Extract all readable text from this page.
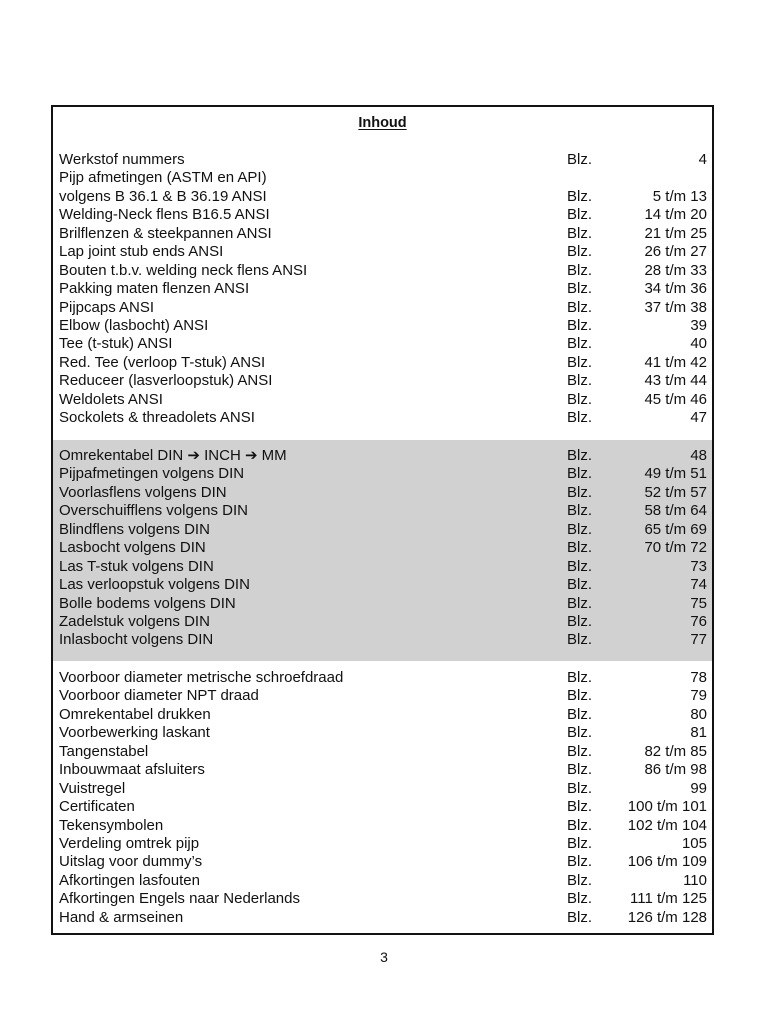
Inhoud
Werkstof nummers	Blz.	4
Pijp afmetingen (ASTM en API)
volgens B 36.1 & B 36.19 ANSI	Blz.	5 t/m 13
Welding-Neck flens B16.5 ANSI	Blz.	14 t/m 20
Brilflenzen & steekpannen ANSI	Blz.	21 t/m 25
Lap joint stub ends ANSI	Blz.	26 t/m 27
Bouten t.b.v. welding neck flens ANSI	Blz.	28 t/m 33
Pakking maten flenzen ANSI	Blz.	34 t/m 36
Pijpcaps ANSI	Blz.	37 t/m 38
Elbow (lasbocht) ANSI	Blz.	39
Tee (t-stuk) ANSI	Blz.	40
Red. Tee (verloop T-stuk) ANSI	Blz.	41 t/m 42
Reduceer (lasverloopstuk) ANSI	Blz.	43 t/m 44
Weldolets ANSI	Blz.	45 t/m 46
Sockolets & threadolets ANSI	Blz.	47
Omrekentabel DIN ➔ INCH ➔ MM	Blz.	48
Pijpafmetingen volgens DIN	Blz.	49 t/m 51
Voorlasflens volgens DIN	Blz.	52 t/m 57
Overschuifflens volgens DIN	Blz.	58 t/m 64
Blindflens volgens DIN	Blz.	65 t/m 69
Lasbocht volgens DIN	Blz.	70 t/m 72
Las T-stuk volgens DIN	Blz.	73
Las verloopstuk volgens DIN	Blz.	74
Bolle bodems volgens DIN	Blz.	75
Zadelstuk volgens DIN	Blz.	76
Inlasbocht volgens DIN	Blz.	77
Voorboor diameter metrische schroefdraad	Blz.	78
Voorboor diameter NPT draad	Blz.	79
Omrekentabel drukken	Blz.	80
Voorbewerking laskant	Blz.	81
Tangenstabel	Blz.	82 t/m 85
Inbouwmaat afsluiters	Blz.	86 t/m 98
Vuistregel	Blz.	99
Certificaten	Blz. 100 t/m 101
Tekensymbolen	Blz. 102 t/m 104
Verdeling omtrek pijp	Blz.	105
Uitslag voor dummy’s	Blz. 106 t/m 109
Afkortingen lasfouten	Blz.	110
Afkortingen Engels naar Nederlands	Blz.	111 t/m 125
Hand & armseinen	Blz. 126 t/m 128
3
